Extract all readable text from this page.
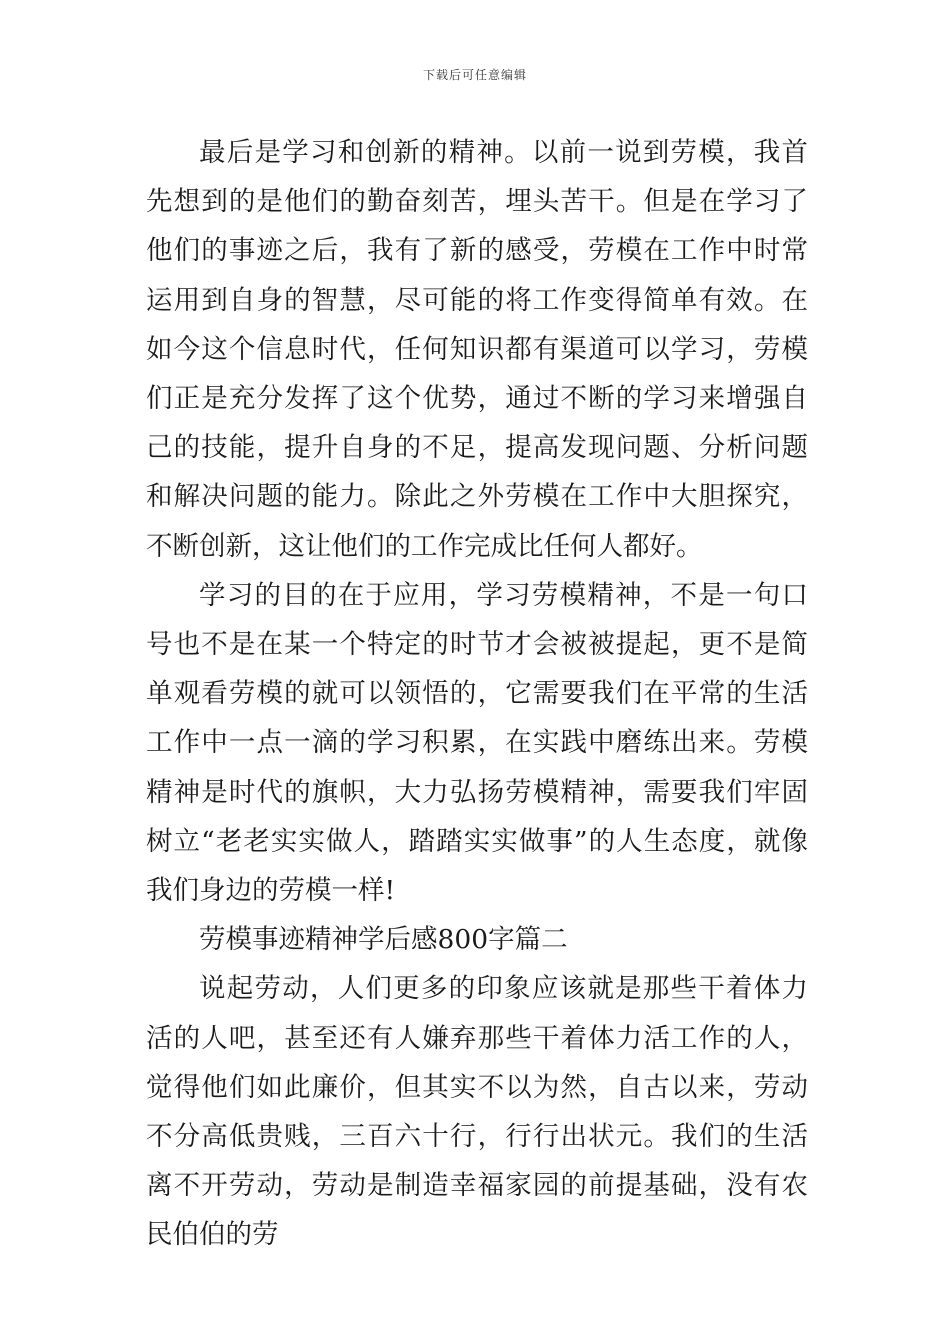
下载后可任意编辑

最后是学习和创新的精神。以前一说到劳模，我首先想到的是他们的勤奋刻苦，埋头苦干。但是在学习了他们的事迹之后，我有了新的感受，劳模在工作中时常运用到自身的智慧，尽可能的将工作变得简单有效。在如今这个信息时代，任何知识都有渠道可以学习，劳模们正是充分发挥了这个优势，通过不断的学习来增强自己的技能，提升自身的不足，提高发现问题、分析问题和解决问题的能力。除此之外劳模在工作中大胆探究，不断创新，这让他们的工作完成比任何人都好。

学习的目的在于应用，学习劳模精神，不是一句口号也不是在某一个特定的时节才会被被提起，更不是简单观看劳模的就可以领悟的，它需要我们在平常的生活工作中一点一滴的学习积累，在实践中磨练出来。劳模精神是时代的旗帜，大力弘扬劳模精神，需要我们牢固树立“老老实实做人，踏踏实实做事”的人生态度，就像我们身边的劳模一样!

劳模事迹精神学后感800字篇二

说起劳动，人们更多的印象应该就是那些干着体力活的人吧，甚至还有人嫌弃那些干着体力活工作的人，觉得他们如此廉价，但其实不以为然，自古以来，劳动不分高低贵贱，三百六十行，行行出状元。我们的生活离不开劳动，劳动是制造幸福家园的前提基础，没有农民伯伯的劳
